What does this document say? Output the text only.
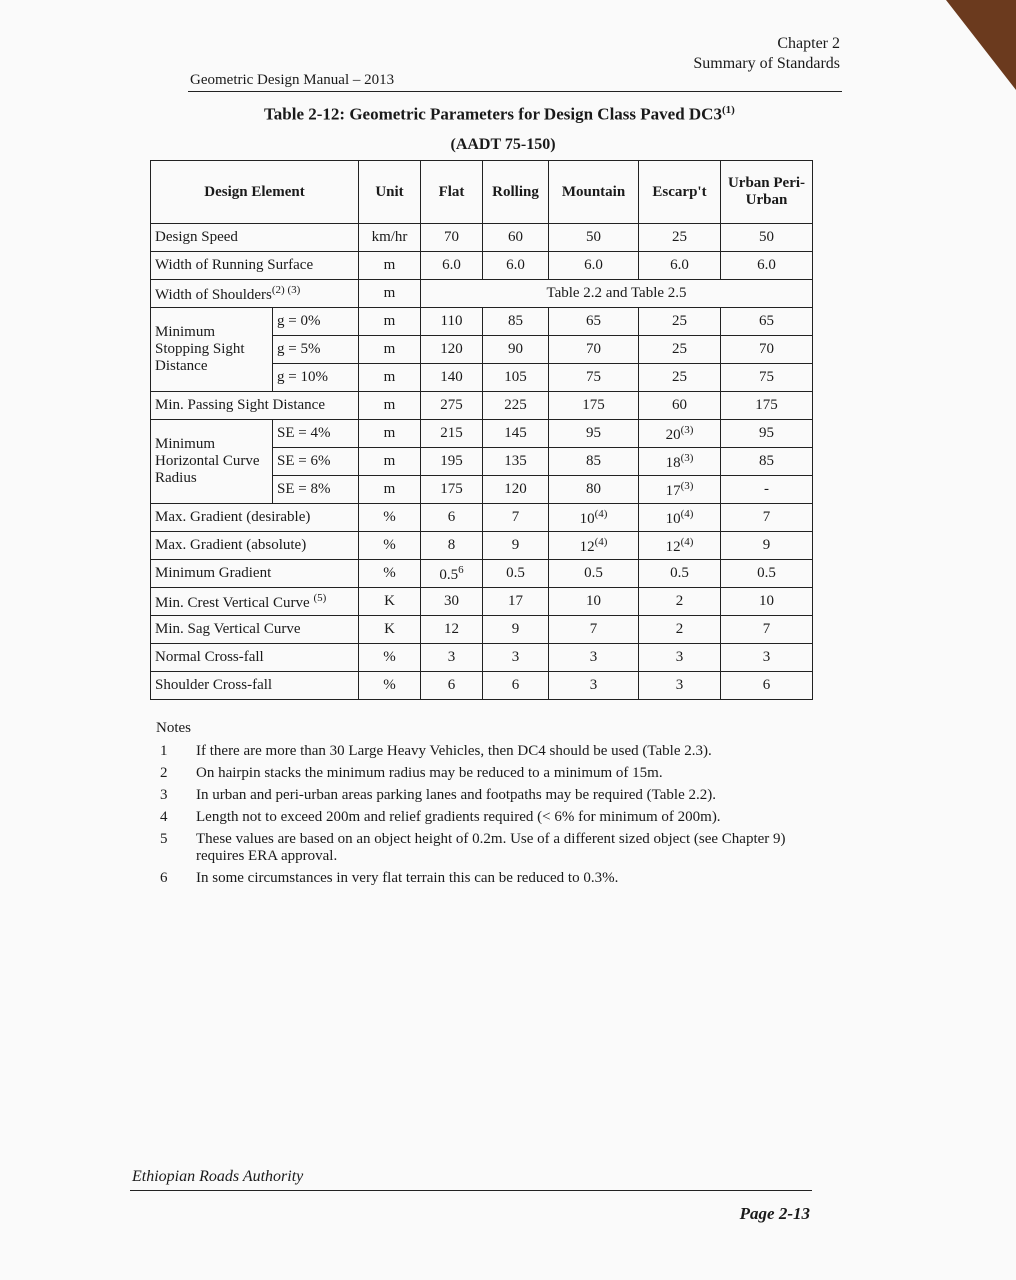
Chapter 2
Summary of Standards
Geometric Design Manual – 2013
Table 2-12: Geometric Parameters for Design Class Paved DC3$^{(1)}$
(AADT 75-150)
Design Element		Unit	Flat	Rolling	Mountain	Escarp't	Urban Peri-Urban
Design Speed		km/hr	70	60	50	25	50
Width of Running Surface		m	6.0	6.0	6.0	6.0	6.0
Width of Shoulders$^{(2) (3)}$		m	Table 2.2 and Table 2.5				
Minimum Stopping Sight Distance	g = 0%	m	110	85	65	25	65
	g = 5%	m	120	90	70	25	70
	g = 10%	m	140	105	75	25	75
Min. Passing Sight Distance		m	275	225	175	60	175
Minimum Horizontal Curve Radius	SE = 4%	m	215	145	95	20$^{(3)}$	95
	SE = 6%	m	195	135	85	18$^{(3)}$	85
	SE = 8%	m	175	120	80	17$^{(3)}$	-
Max. Gradient (desirable)		%	6	7	10$^{(4)}$	10$^{(4)}$	7
Max. Gradient (absolute)		%	8	9	12$^{(4)}$	12$^{(4)}$	9
Minimum Gradient		%	$0.5^6$	0.5	0.5	0.5	0.5
Min. Crest Vertical Curve $^{(5)}$		K	30	17	10	2	10
Min. Sag Vertical Curve		K	12	9	7	2	7
Normal Cross-fall		%	3	3	3	3	3
Shoulder Cross-fall		%	6	6	3	3	6
Notes
1	If there are more than 30 Large Heavy Vehicles, then DC4 should be used (Table 2.3).
2	On hairpin stacks the minimum radius may be reduced to a minimum of 15m.
3	In urban and peri-urban areas parking lanes and footpaths may be required (Table 2.2).
4	Length not to exceed 200m and relief gradients required (< 6% for minimum of 200m).
5	These values are based on an object height of 0.2m. Use of a different sized object (see Chapter 9) requires ERA approval.
6	In some circumstances in very flat terrain this can be reduced to 0.3%.
Ethiopian Roads Authority
Page 2-13
